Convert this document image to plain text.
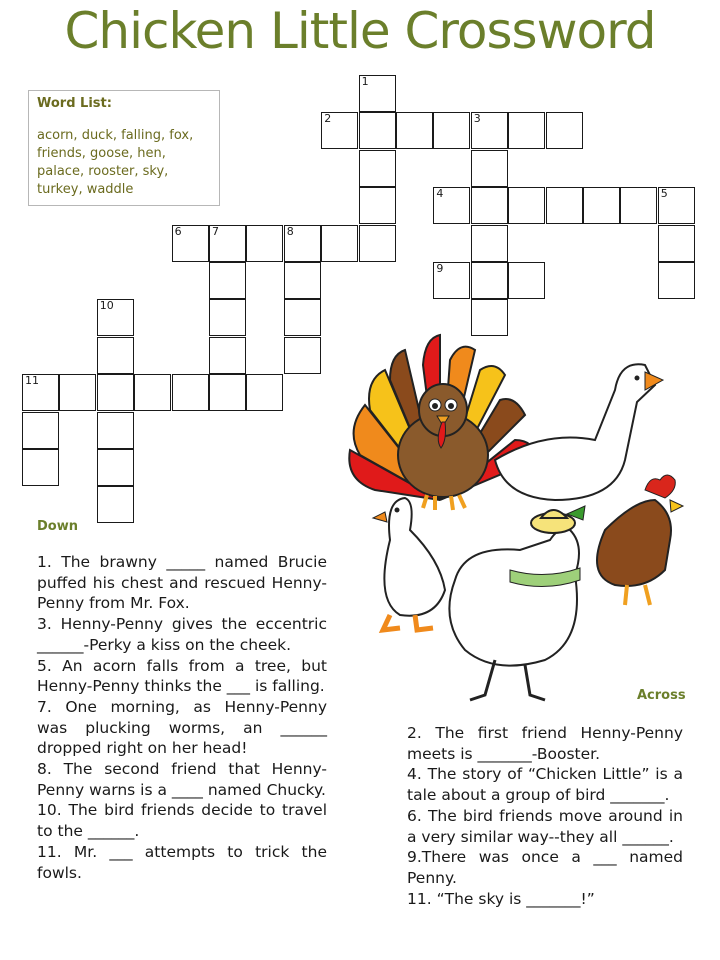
Chicken Little Crossword
Word List:
acorn, duck, falling, fox, friends, goose, hen, palace, rooster, sky, turkey, waddle
1
2	3
4	5
6	7	8
9
10
11
Down

1. The brawny _____ named Brucie puffed his chest and rescued Henny-Penny from Mr. Fox.

3. Henny-Penny gives the eccentric ______-Perky a kiss on the cheek.

5. An acorn falls from a tree, but Henny-Penny thinks the ___ is falling.

7. One morning, as Henny-Penny was plucking worms, an ______ dropped right on her head!

8. The second friend that Henny-Penny warns is a ____ named Chucky.

10. The bird friends decide to travel to the ______.

11. Mr. ___ attempts to trick the fowls.

Across

2. The first friend Henny-Penny meets is _______-Booster.

4. The story of “Chicken Little” is a tale about a group of bird _______.

6. The bird friends move around in a very similar way--they all ______.

9.There was once a ___ named Penny.

11. “The sky is _______!”
